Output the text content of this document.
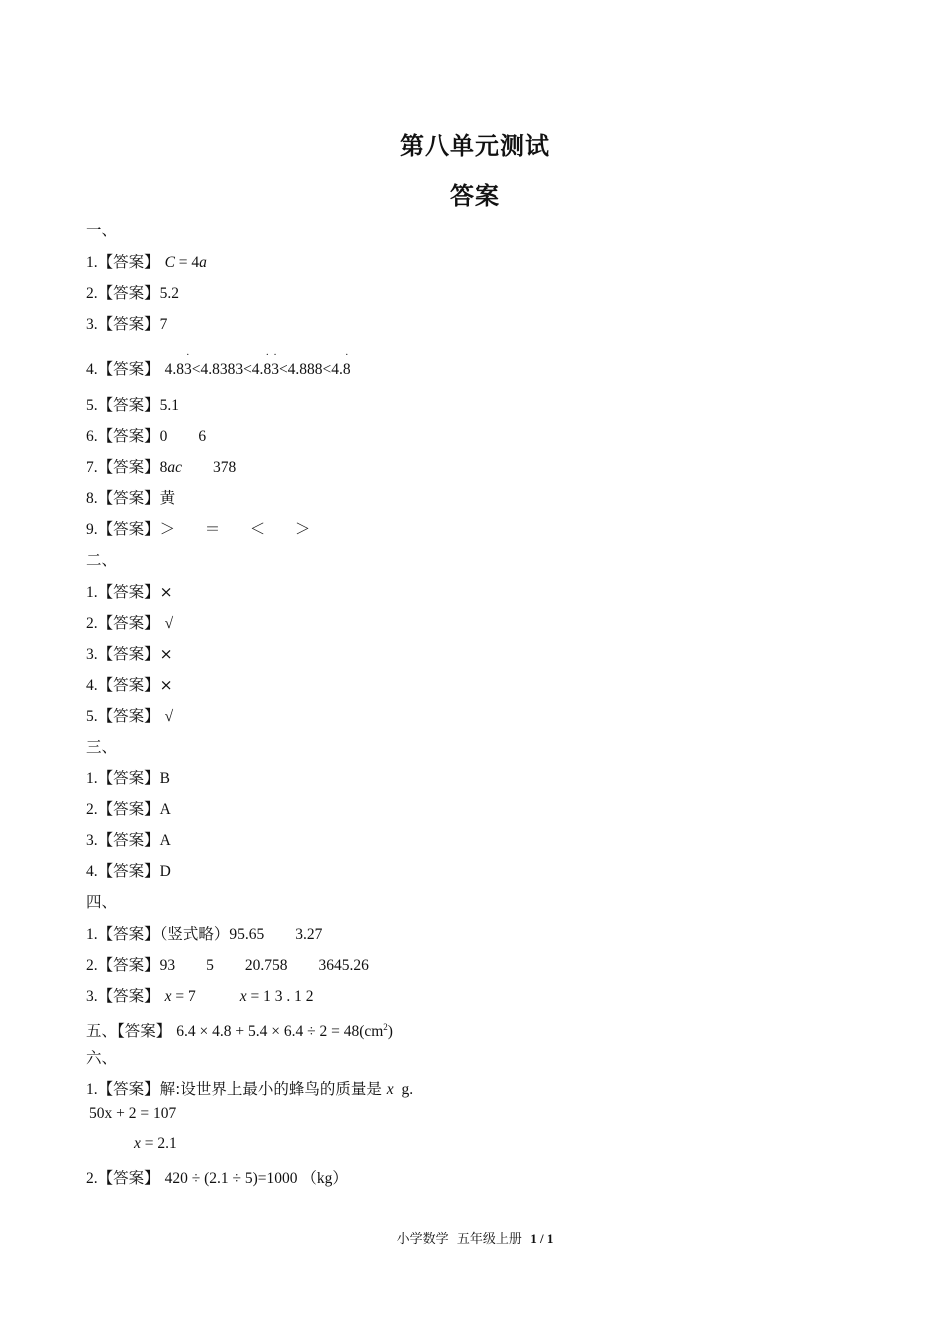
第八单元测试
答案
一、
1.【答案】 C = 4a
2.【答案】5.2
3.【答案】7
4.【答案】 4.8
·
3<4.8383<4.
·
8
·
3<4.888<4.
·
8
5.【答案】5.1
6.【答案】0        6
7.【答案】8ac        378
8.【答案】黄
9.【答案】＞      ＝      ＜      ＞
二、
1.【答案】×
2.【答案】 √
3.【答案】×
4.【答案】×
5.【答案】 √
三、
1.【答案】B
2.【答案】A
3.【答案】A
4.【答案】D
四、
1.【答案】（竖式略）95.65        3.27
2.【答案】93        5        20.758        3645.26
3.【答案】 x = 7	x = 1 3 . 1 2
五、【答案】 $6.4 \times 4.8 + 5.4 \times 6.4 \div 2 = 48(cm^2)$
六、
1.【答案】解:设世界上最小的蜂鸟的质量是 x  g.
50x + 2 = 107
x = 2.1
2.【答案】 420 ÷ (2.1 ÷ 5)=1000 （kg）
小学数学  五年级上册  1 / 1
